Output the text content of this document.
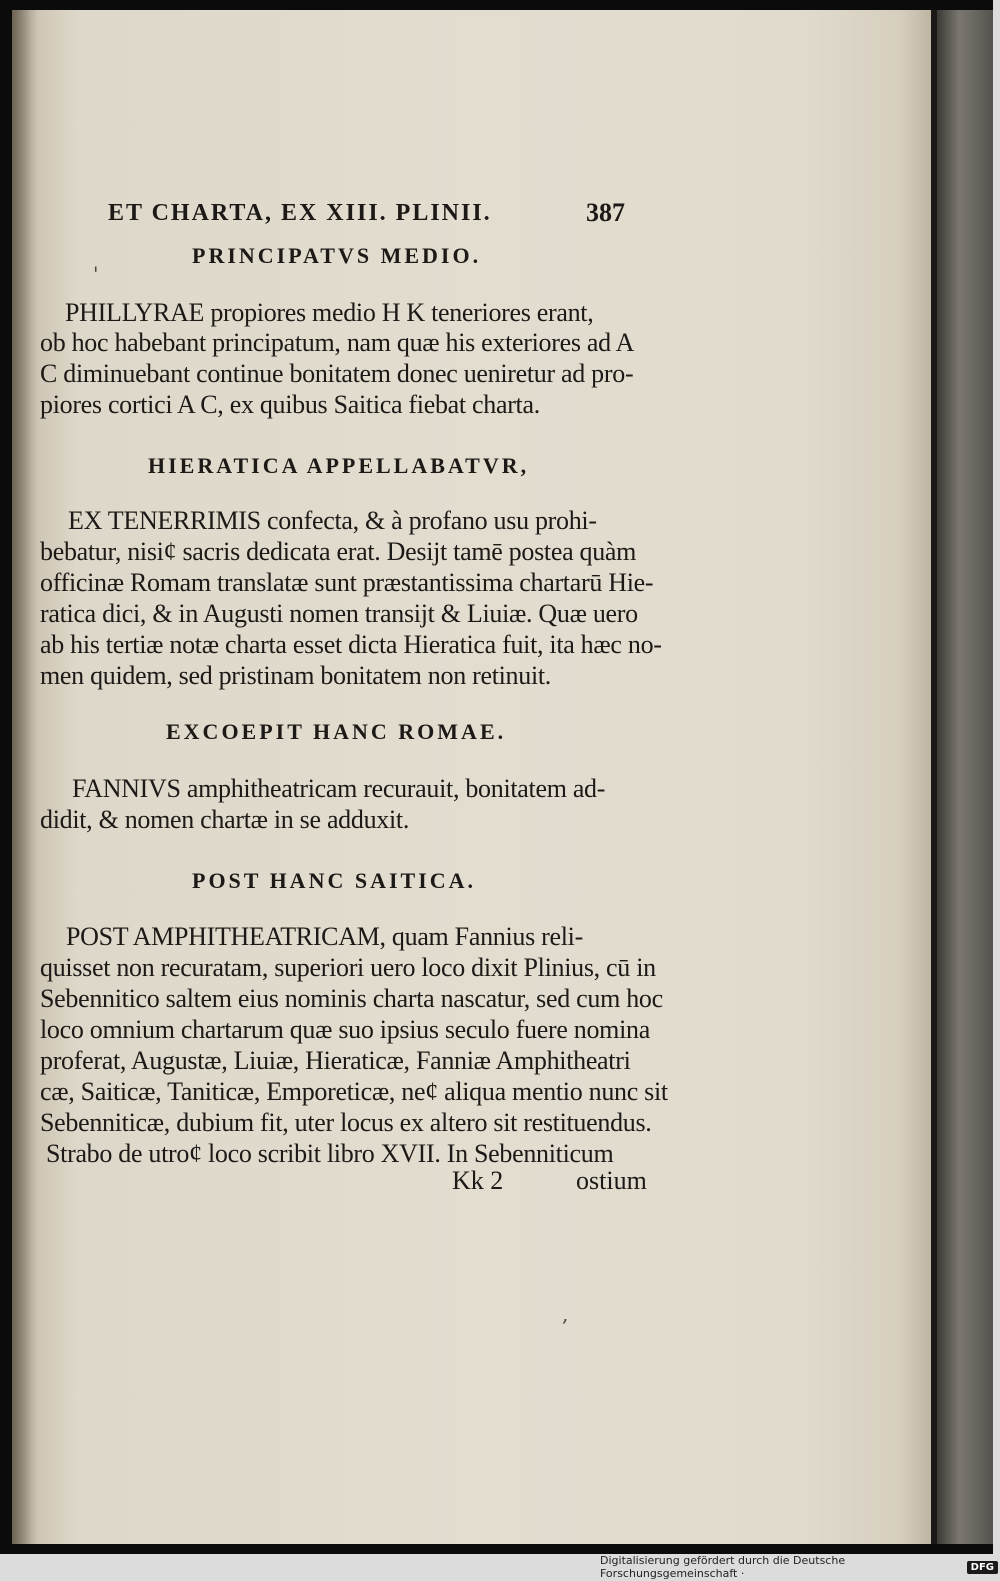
ET CHARTA, EX XIII. PLINII.	387
PRINCIPATVS MEDIO.
PHILLYRAE propiores medio H K teneriores erant,
ob hoc habebant principatum, nam quæ his exteriores ad A
C diminuebant continue bonitatem donec ueniretur ad pro-
piores cortici A C, ex quibus Saitica fiebat charta.
HIERATICA APPELLABATVR,
EX TENERRIMIS confecta, & à profano usu prohi-
bebatur, nisi¢ sacris dedicata erat. Desijt tamē postea quàm
officinæ Romam translatæ sunt præstantissima chartarū Hie-
ratica dici, & in Augusti nomen transijt & Liuiæ. Quæ uero
ab his tertiæ notæ charta esset dicta Hieratica fuit, ita hæc no-
men quidem, sed pristinam bonitatem non retinuit.
EXCOEPIT HANC ROMAE.
FANNIVS amphitheatricam recurauit, bonitatem ad-
didit, & nomen chartæ in se adduxit.
POST HANC SAITICA.
POST AMPHITHEATRICAM, quam Fannius reli-
quisset non recuratam, superiori uero loco dixit Plinius, cū in
Sebennitico saltem eius nominis charta nascatur, sed cum hoc
loco omnium chartarum quæ suo ipsius seculo fuere nomina
proferat, Augustæ, Liuiæ, Hieraticæ, Fanniæ Amphitheatri
cæ, Saiticæ, Taniticæ, Emporeticæ, ne¢ aliqua mentio nunc sit
Sebenniticæ, dubium fit, uter locus ex altero sit restituendus.
Strabo de utro¢ loco scribit libro XVII. In Sebenniticum
Kk 2	ostium
'
,
Digitalisierung gefördert durch die Deutsche Forschungsgemeinschaft ·	DFG
